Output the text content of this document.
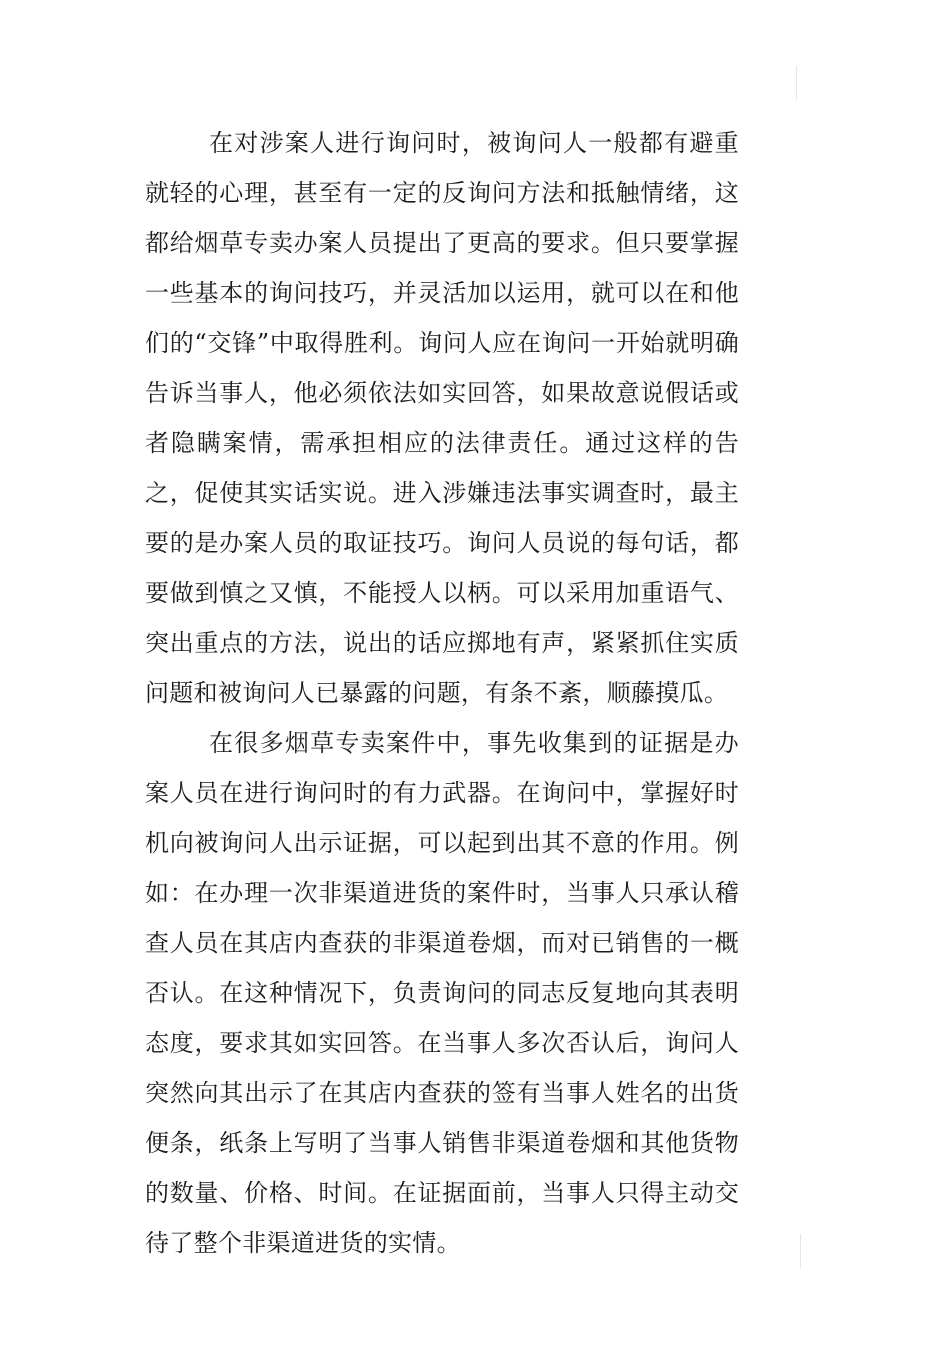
在对涉案人进行询问时，被询问人一般都有避重就轻的心理，甚至有一定的反询问方法和抵触情绪，这都给烟草专卖办案人员提出了更高的要求。但只要掌握一些基本的询问技巧，并灵活加以运用，就可以在和他们的“交锋”中取得胜利。询问人应在询问一开始就明确告诉当事人，他必须依法如实回答，如果故意说假话或者隐瞒案情，需承担相应的法律责任。通过这样的告之，促使其实话实说。进入涉嫌违法事实调查时，最主要的是办案人员的取证技巧。询问人员说的每句话，都要做到慎之又慎，不能授人以柄。可以采用加重语气、突出重点的方法，说出的话应掷地有声，紧紧抓住实质问题和被询问人已暴露的问题，有条不紊，顺藤摸瓜。

在很多烟草专卖案件中，事先收集到的证据是办案人员在进行询问时的有力武器。在询问中，掌握好时机向被询问人出示证据，可以起到出其不意的作用。例如：在办理一次非渠道进货的案件时，当事人只承认稽查人员在其店内查获的非渠道卷烟，而对已销售的一概否认。在这种情况下，负责询问的同志反复地向其表明态度，要求其如实回答。在当事人多次否认后，询问人突然向其出示了在其店内查获的签有当事人姓名的出货便条，纸条上写明了当事人销售非渠道卷烟和其他货物的数量、价格、时间。在证据面前，当事人只得主动交待了整个非渠道进货的实情。
